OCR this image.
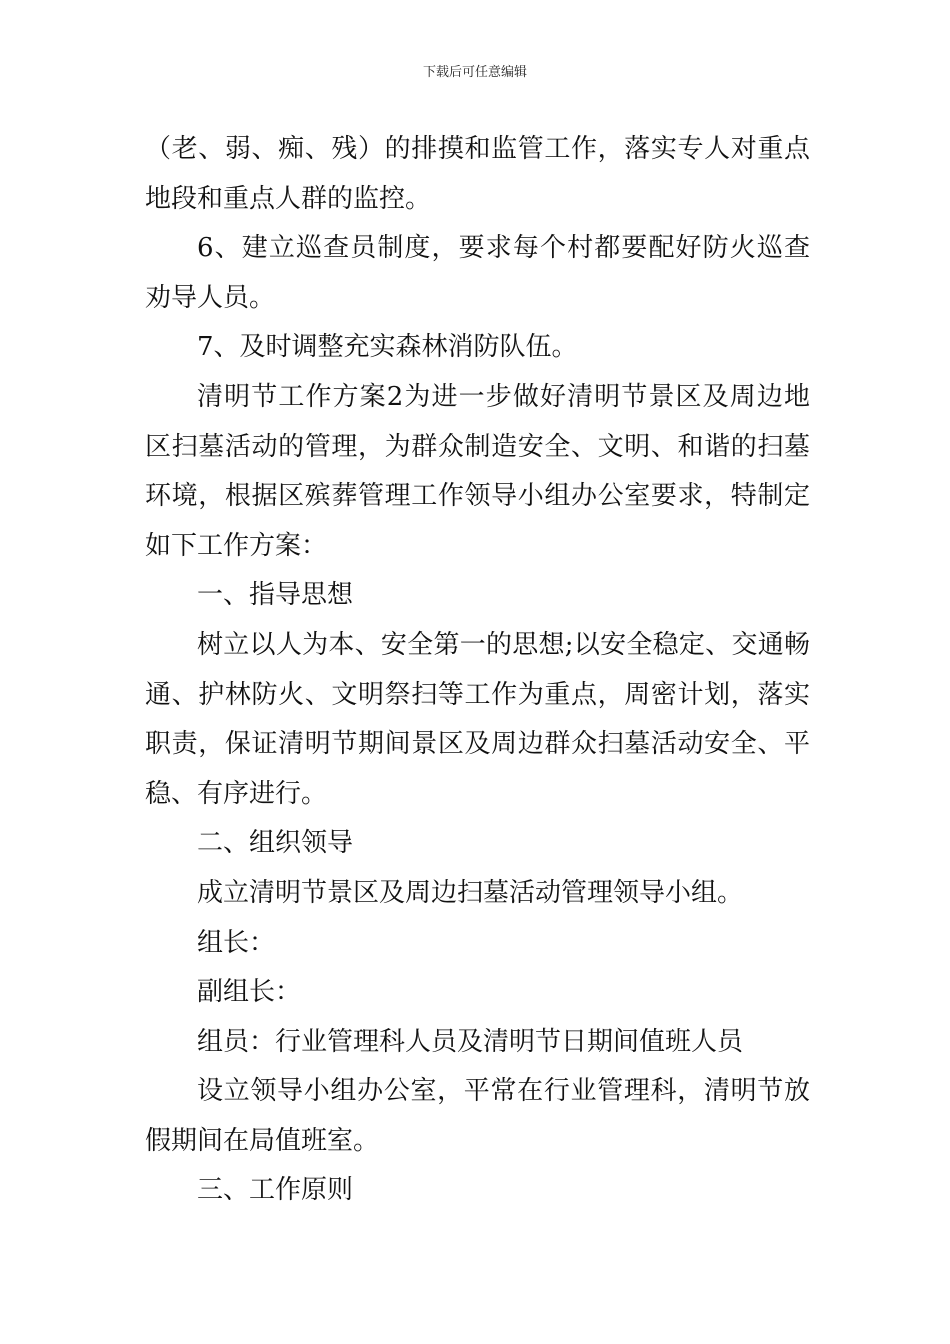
下载后可任意编辑

（老、弱、痴、残）的排摸和监管工作，落实专人对重点地段和重点人群的监控。

6、建立巡查员制度，要求每个村都要配好防火巡查劝导人员。

7、及时调整充实森林消防队伍。

清明节工作方案2为进一步做好清明节景区及周边地区扫墓活动的管理，为群众制造安全、文明、和谐的扫墓环境，根据区殡葬管理工作领导小组办公室要求，特制定如下工作方案：

一、指导思想

树立以人为本、安全第一的思想;以安全稳定、交通畅通、护林防火、文明祭扫等工作为重点，周密计划，落实职责，保证清明节期间景区及周边群众扫墓活动安全、平稳、有序进行。

二、组织领导

成立清明节景区及周边扫墓活动管理领导小组。

组长：

副组长：

组员：行业管理科人员及清明节日期间值班人员

设立领导小组办公室，平常在行业管理科，清明节放假期间在局值班室。

三、工作原则
